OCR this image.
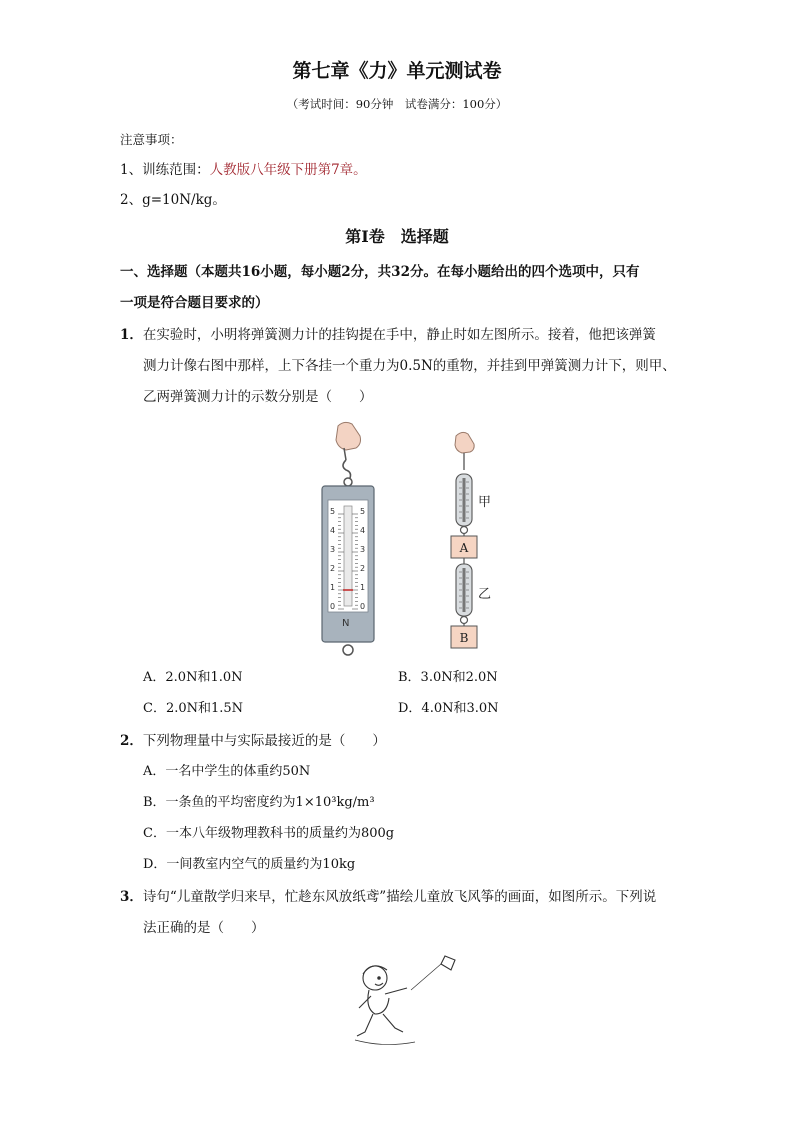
第七章《力》单元测试卷
（考试时间：90分钟　试卷满分：100分）
注意事项：
1、训练范围：人教版八年级下册第7章。
2、g=10N/kg。
第Ⅰ卷　选择题
一、选择题（本题共16小题，每小题2分，共32分。在每小题给出的四个选项中，只有
一项是符合题目要求的）
1．在实验时，小明将弹簧测力计的挂钩提在手中，静止时如左图所示。接着，他把该弹簧
测力计像右图中那样，上下各挂一个重力为0.5N的重物，并挂到甲弹簧测力计下，则甲、
乙两弹簧测力计的示数分别是（　　）
5
4
3
2
1
0
5
4
3
2
1
0
N
甲
A
乙
B
A．2.0N和1.0N	B．3.0N和2.0N
C．2.0N和1.5N	D．4.0N和3.0N
2．下列物理量中与实际最接近的是（　　）
A．一名中学生的体重约50N
B．一条鱼的平均密度约为1×10³kg/m³
C．一本八年级物理教科书的质量约为800g
D．一间教室内空气的质量约为10kg
3．诗句“儿童散学归来早，忙趁东风放纸鸢”描绘儿童放飞风筝的画面，如图所示。下列说
法正确的是（　　）
